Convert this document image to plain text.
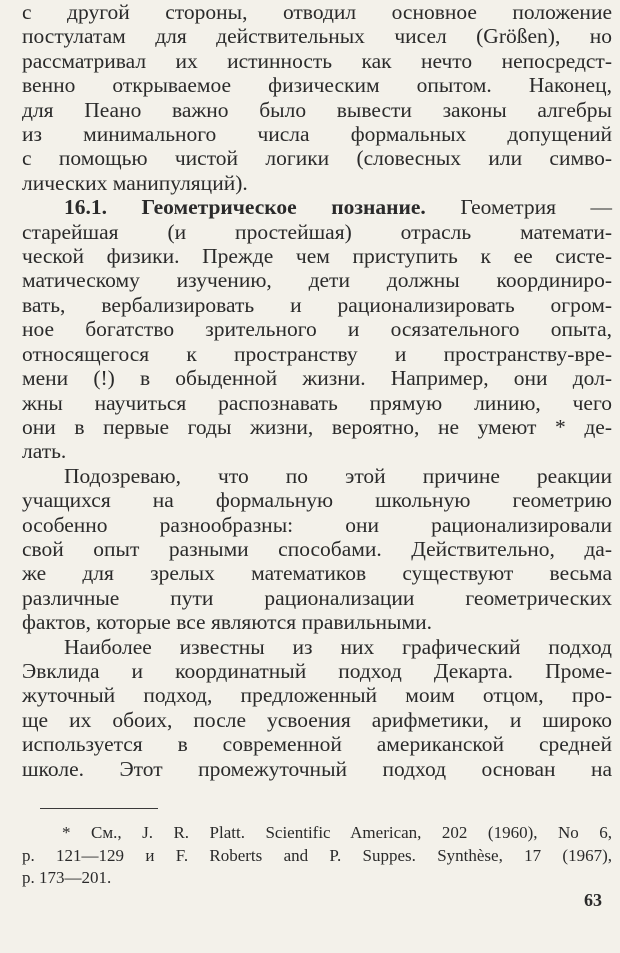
с другой стороны, отводил основное положение
постулатам для действительных чисел (Größen), но
рассматривал их истинность как нечто непосредст-
венно открываемое физическим опытом. Наконец,
для Пеано важно было вывести законы алгебры
из минимального числа формальных допущений
с помощью чистой логики (словесных или симво-
лических манипуляций).
16.1. Геометрическое познание. Геометрия —
старейшая (и простейшая) отрасль математи-
ческой физики. Прежде чем приступить к ее систе-
матическому изучению, дети должны координиро-
вать, вербализировать и рационализировать огром-
ное богатство зрительного и осязательного опыта,
относящегося к пространству и пространству-вре-
мени (!) в обыденной жизни. Например, они дол-
жны научиться распознавать прямую линию, чего
они в первые годы жизни, вероятно, не умеют * де-
лать.
Подозреваю, что по этой причине реакции
учащихся на формальную школьную геометрию
особенно разнообразны: они рационализировали
свой опыт разными способами. Действительно, да-
же для зрелых математиков существуют весьма
различные пути рационализации геометрических
фактов, которые все являются правильными.
Наиболее известны из них графический подход
Эвклида и координатный подход Декарта. Проме-
жуточный подход, предложенный моим отцом, про-
ще их обоих, после усвоения арифметики, и широко
используется в современной американской средней
школе. Этот промежуточный подход основан на
* См., J. R. Platt. Scientific American, 202 (1960), No 6,
p. 121—129 и F. Roberts and P. Suppes. Synthèse, 17 (1967),
p. 173—201.
63
